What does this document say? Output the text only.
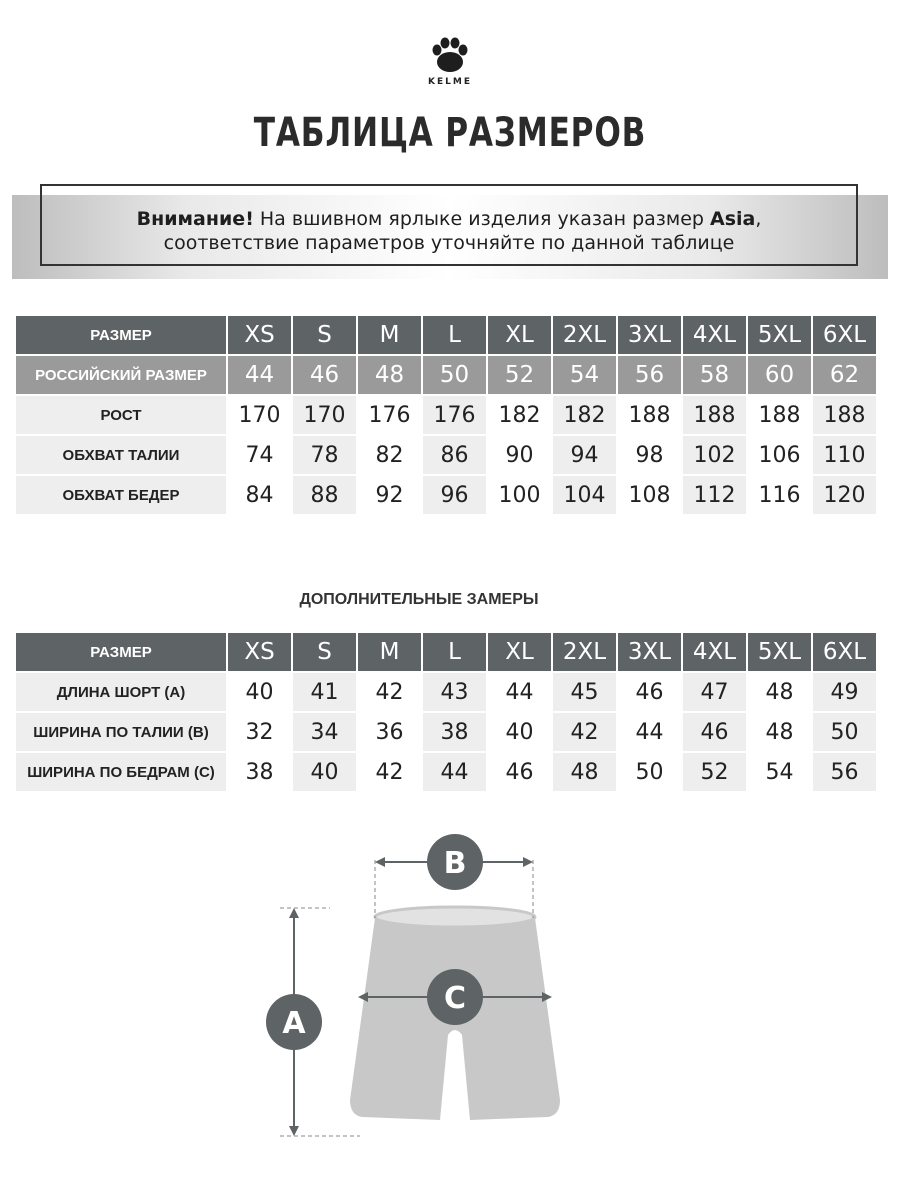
KELME
ТАБЛИЦА РАЗМЕРОВ
Внимание! На вшивном ярлыке изделия указан размер Asia,
соответствие параметров уточняйте по данной таблице
РАЗМЕР	XS	S	M	L	XL	2XL	3XL	4XL	5XL	6XL
РОССИЙСКИЙ РАЗМЕР	44	46	48	50	52	54	56	58	60	62
РОСТ	170	170	176	176	182	182	188	188	188	188
ОБХВАТ ТАЛИИ	74	78	82	86	90	94	98	102	106	110
ОБХВАТ БЕДЕР	84	88	92	96	100	104	108	112	116	120
ДОПОЛНИТЕЛЬНЫЕ ЗАМЕРЫ
РАЗМЕР	XS	S	M	L	XL	2XL	3XL	4XL	5XL	6XL
ДЛИНА ШОРТ (А)	40	41	42	43	44	45	46	47	48	49
ШИРИНА ПО ТАЛИИ (В)	32	34	36	38	40	42	44	46	48	50
ШИРИНА ПО БЕДРАМ (С)	38	40	42	44	46	48	50	52	54	56
B
C
A
